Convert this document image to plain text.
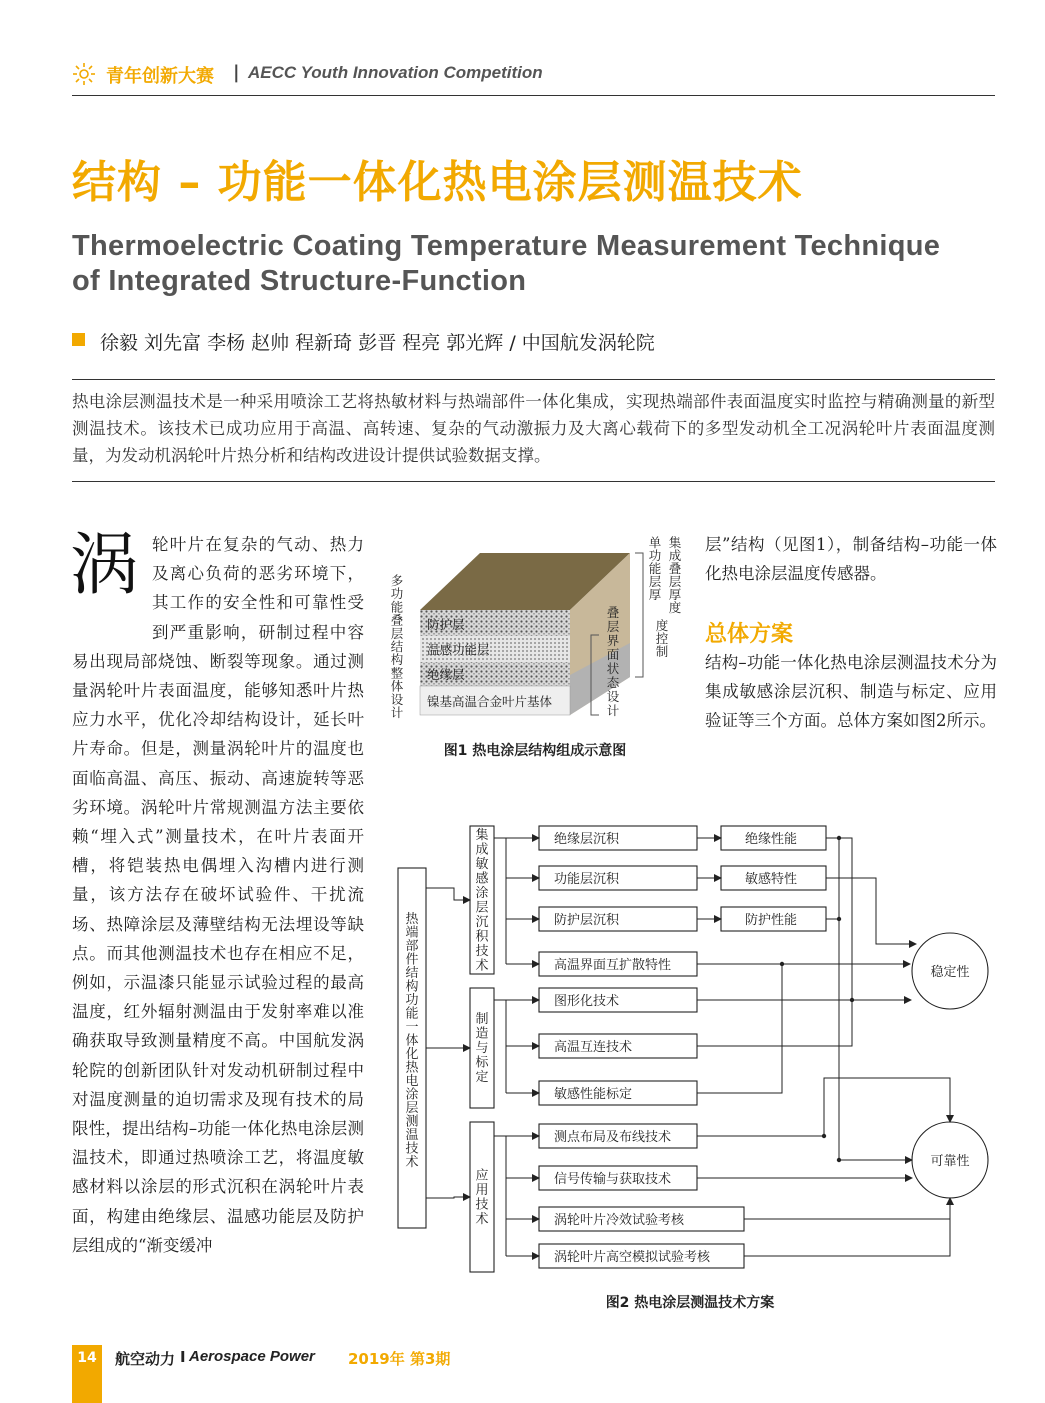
青年创新大赛 | AECC Youth Innovation Competition
结构 – 功能一体化热电涂层测温技术
Thermoelectric Coating Temperature Measurement Technique
of Integrated Structure-Function
徐毅 刘先富 李杨 赵帅 程新琦 彭晋 程亮 郭光辉 / 中国航发涡轮院
热电涂层测温技术是一种采用喷涂工艺将热敏材料与热端部件一体化集成，实现热端部件表面温度实时监控与精确测量的新型测温技术。该技术已成功应用于高温、高转速、复杂的气动激振力及大离心载荷下的多型发动机全工况涡轮叶片表面温度测量，为发动机涡轮叶片热分析和结构改进设计提供试验数据支撑。
涡 轮叶片在复杂的气动、热力及离心负荷的恶劣环境下，其工作的安全性和可靠性受到严重影响，研制过程中容易出现局部烧蚀、断裂等现象。通过测量涡轮叶片表面温度，能够知悉叶片热应力水平，优化冷却结构设计，延长叶片寿命。但是，测量涡轮叶片的温度也面临高温、高压、振动、高速旋转等恶劣环境。涡轮叶片常规测温方法主要依赖“埋入式”测量技术，在叶片表面开槽，将铠装热电偶埋入沟槽内进行测量，该方法存在破坏试验件、干扰流场、热障涂层及薄壁结构无法埋设等缺点。而其他测温技术也存在相应不足，例如，示温漆只能显示试验过程的最高温度，红外辐射测温由于发射率难以准确获取导致测量精度不高。中国航发涡轮院的创新团队针对发动机研制过程中对温度测量的迫切需求及现有技术的局限性，提出结构–功能一体化热电涂层测温技术，即通过热喷涂工艺，将温度敏感材料以涂层的形式沉积在涡轮叶片表面，构建由绝缘层、温感功能层及防护层组成的“渐变缓冲
层”结构（见图1），制备结构–功能一体化热电涂层温度传感器。
总体方案
结构–功能一体化热电涂层测温技术分为集成敏感涂层沉积、制造与标定、应用验证等三个方面。总体方案如图2所示。
多功能叠层结构整体设计
防护层
温感功能层
绝缘层
镍基高温合金叶片基体
集成叠层厚度
单功能层厚度控制
叠层界面状态设计
图1 热电涂层结构组成示意图
热端部件结构功能一体化热电涂层测温技术
集成敏感涂层沉积技术
制造与标定
应用技术
绝缘层沉积
功能层沉积
防护层沉积
高温界面互扩散特性
图形化技术
高温互连技术
敏感性能标定
测点布局及布线技术
信号传输与获取技术
涡轮叶片冷效试验考核
涡轮叶片高空模拟试验考核
绝缘性能
敏感特性
防护性能
稳定性
可靠性
图2 热电涂层测温技术方案
14 航空动力 I Aerospace Power 2019年 第3期
